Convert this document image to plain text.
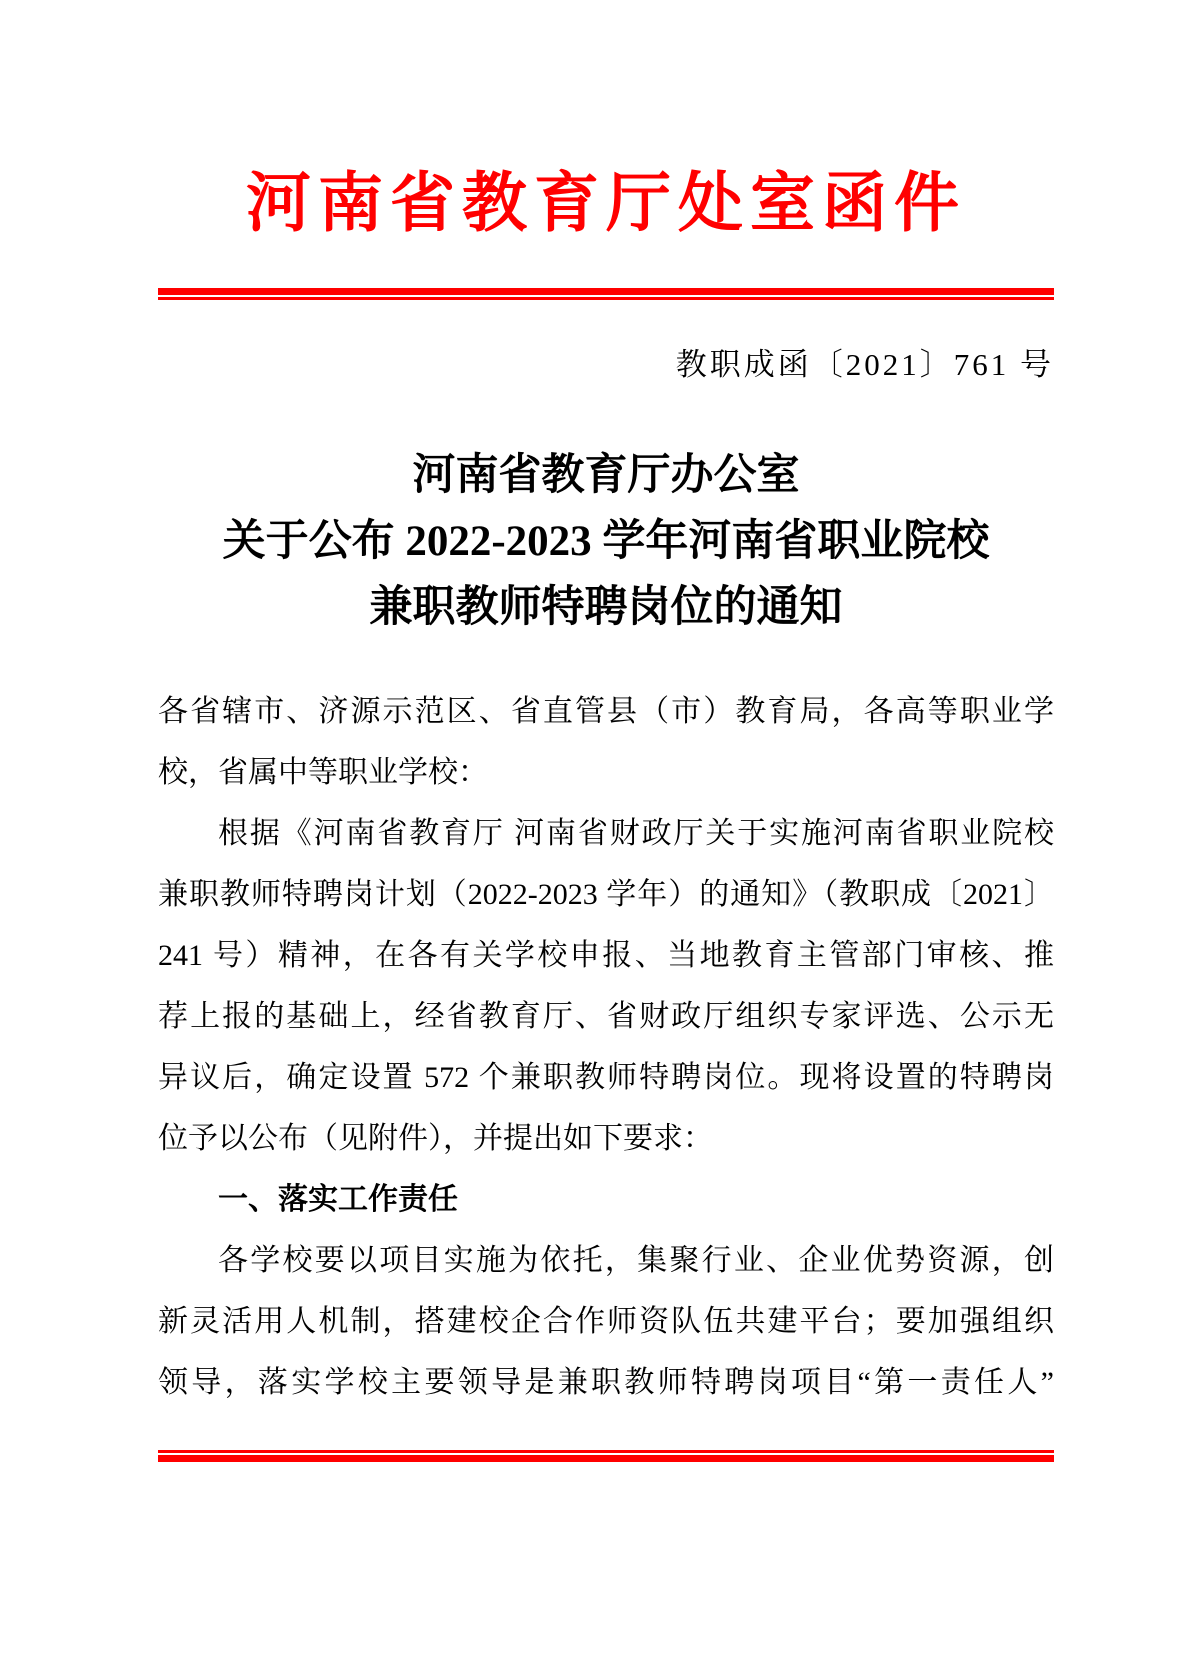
河南省教育厅处室函件
教职成函〔2021〕761 号
河南省教育厅办公室
关于公布 2022-2023 学年河南省职业院校
兼职教师特聘岗位的通知
各省辖市、济源示范区、省直管县（市）教育局，各高等职业学
校，省属中等职业学校：
根据《河南省教育厅 河南省财政厅关于实施河南省职业院校
兼职教师特聘岗计划（2022-2023 学年）的通知》（教职成〔2021〕
241 号）精神，在各有关学校申报、当地教育主管部门审核、推
荐上报的基础上，经省教育厅、省财政厅组织专家评选、公示无
异议后，确定设置 572 个兼职教师特聘岗位。现将设置的特聘岗
位予以公布（见附件），并提出如下要求：
一、落实工作责任
各学校要以项目实施为依托，集聚行业、企业优势资源，创
新灵活用人机制，搭建校企合作师资队伍共建平台；要加强组织
领导，落实学校主要领导是兼职教师特聘岗项目“第一责任人”
